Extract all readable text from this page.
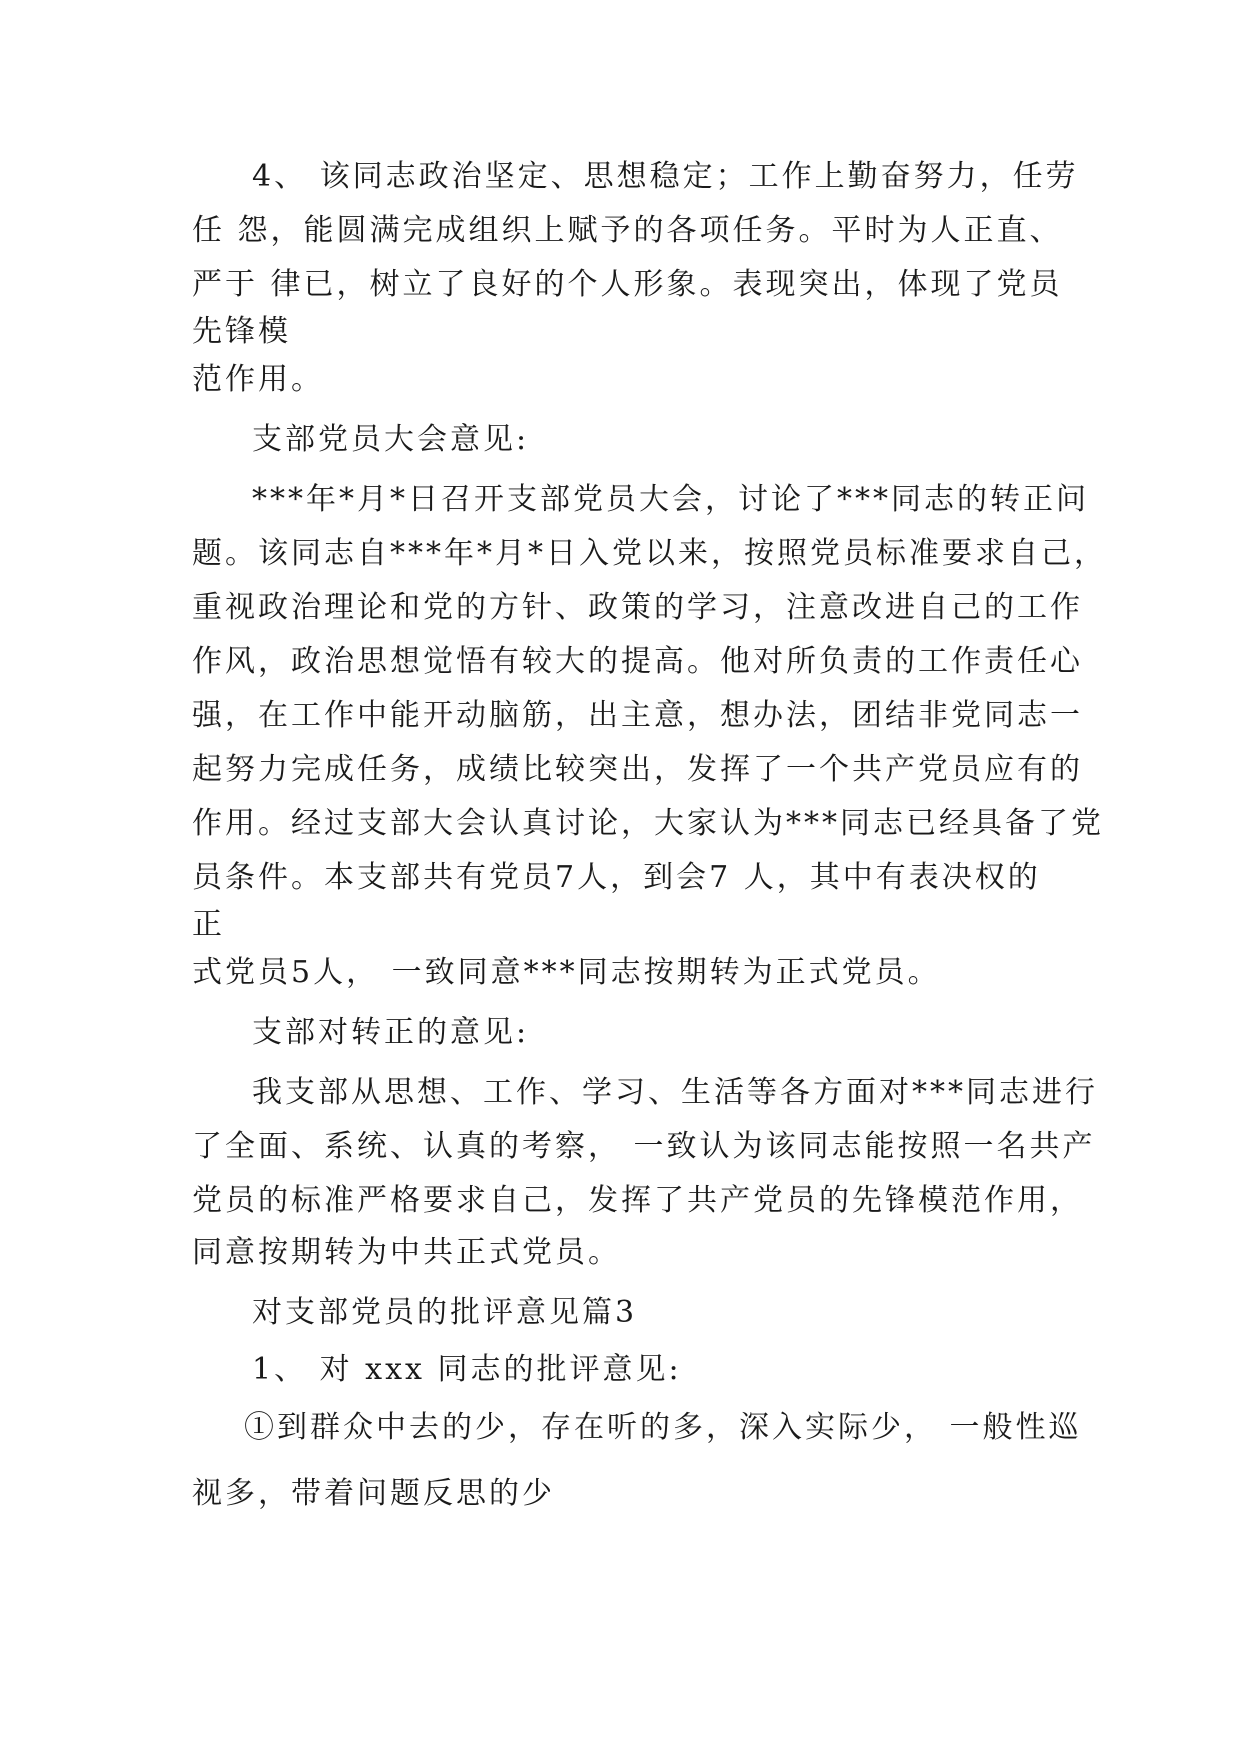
4、 该同志政治坚定、思想稳定；工作上勤奋努力，任劳
任 怨，能圆满完成组织上赋予的各项任务。平时为人正直、
严于 律已，树立了良好的个人形象。表现突出，体现了党员
先锋模
范作用。
支部党员大会意见:
***年*月*日召开支部党员大会，讨论了***同志的转正问
题。该同志自***年*月*日入党以来，按照党员标准要求自己，
重视政治理论和党的方针、政策的学习，注意改进自己的工作
作风，政治思想觉悟有较大的提高。他对所负责的工作责任心
强，在工作中能开动脑筋，出主意，想办法，团结非党同志一
起努力完成任务，成绩比较突出，发挥了一个共产党员应有的
作用。经过支部大会认真讨论，大家认为***同志已经具备了党
员条件。本支部共有党员7人，到会7 人，其中有表决权的
正
式党员5人， 一致同意***同志按期转为正式党员。
支部对转正的意见:
我支部从思想、工作、学习、生活等各方面对***同志进行
了全面、系统、认真的考察， 一致认为该同志能按照一名共产
党员的标准严格要求自己，发挥了共产党员的先锋模范作用，
同意按期转为中共正式党员。
对支部党员的批评意见篇3
1、 对 xxx 同志的批评意见:
①到群众中去的少，存在听的多，深入实际少， 一般性巡
视多，带着问题反思的少
